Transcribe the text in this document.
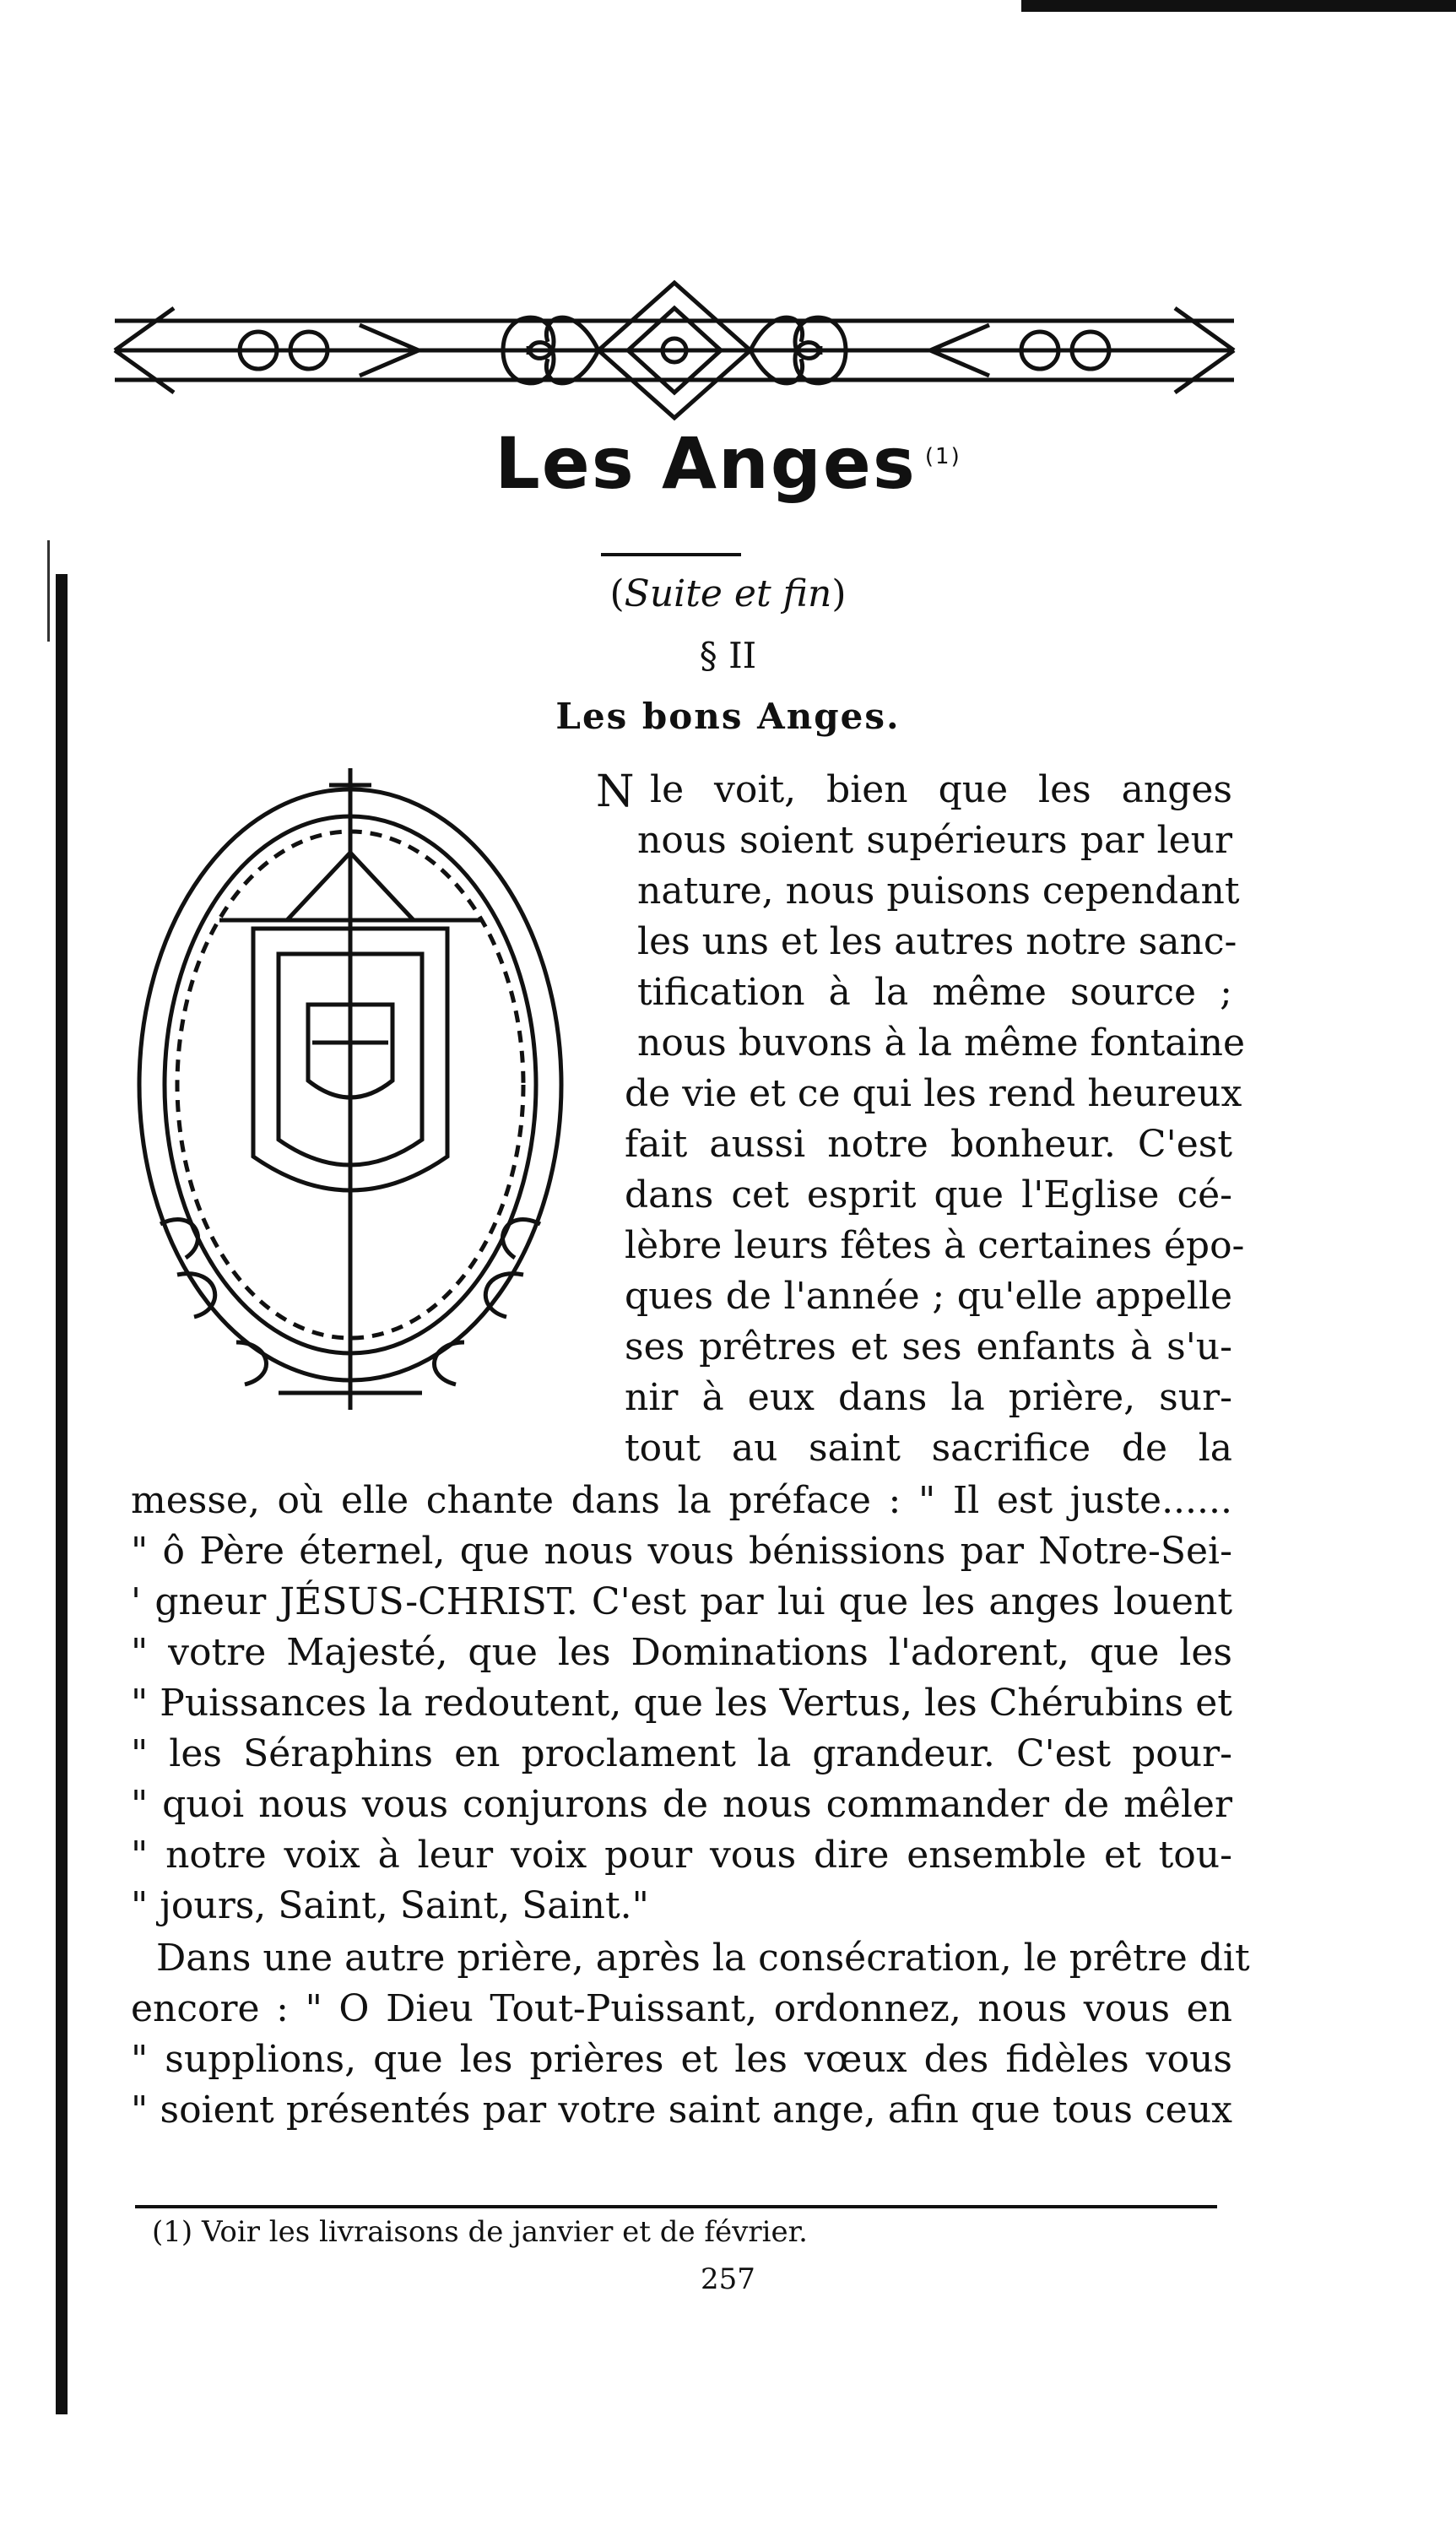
Les Anges $^{(1)}$
(Suite et fin)
§ II
Les bons Anges.
N le voit, bien que les anges
nous soient supérieurs par leur
nature, nous puisons cependant
les uns et les autres notre sanc-
tification à la même source ;
nous buvons à la même fontaine
de vie et ce qui les rend heureux
fait aussi notre bonheur. C'est
dans cet esprit que l'Eglise cé-
lèbre leurs fêtes à certaines épo-
ques de l'année ; qu'elle appelle
ses prêtres et ses enfants à s'u-
nir à eux dans la prière, sur-
tout au saint sacrifice de la
messe, où elle chante dans la préface : " Il est juste......
" ô Père éternel, que nous vous bénissions par Notre-Sei-
' gneur JÉSUS-CHRIST. C'est par lui que les anges louent
" votre Majesté, que les Dominations l'adorent, que les
" Puissances la redoutent, que les Vertus, les Chérubins et
" les Séraphins en proclament la grandeur. C'est pour-
" quoi nous vous conjurons de nous commander de mêler
" notre voix à leur voix pour vous dire ensemble et tou-
" jours, Saint, Saint, Saint."
Dans une autre prière, après la consécration, le prêtre dit
encore : " O Dieu Tout-Puissant, ordonnez, nous vous en
" supplions, que les prières et les vœux des fidèles vous
" soient présentés par votre saint ange, afin que tous ceux
(1) Voir les livraisons de janvier et de février.
257
